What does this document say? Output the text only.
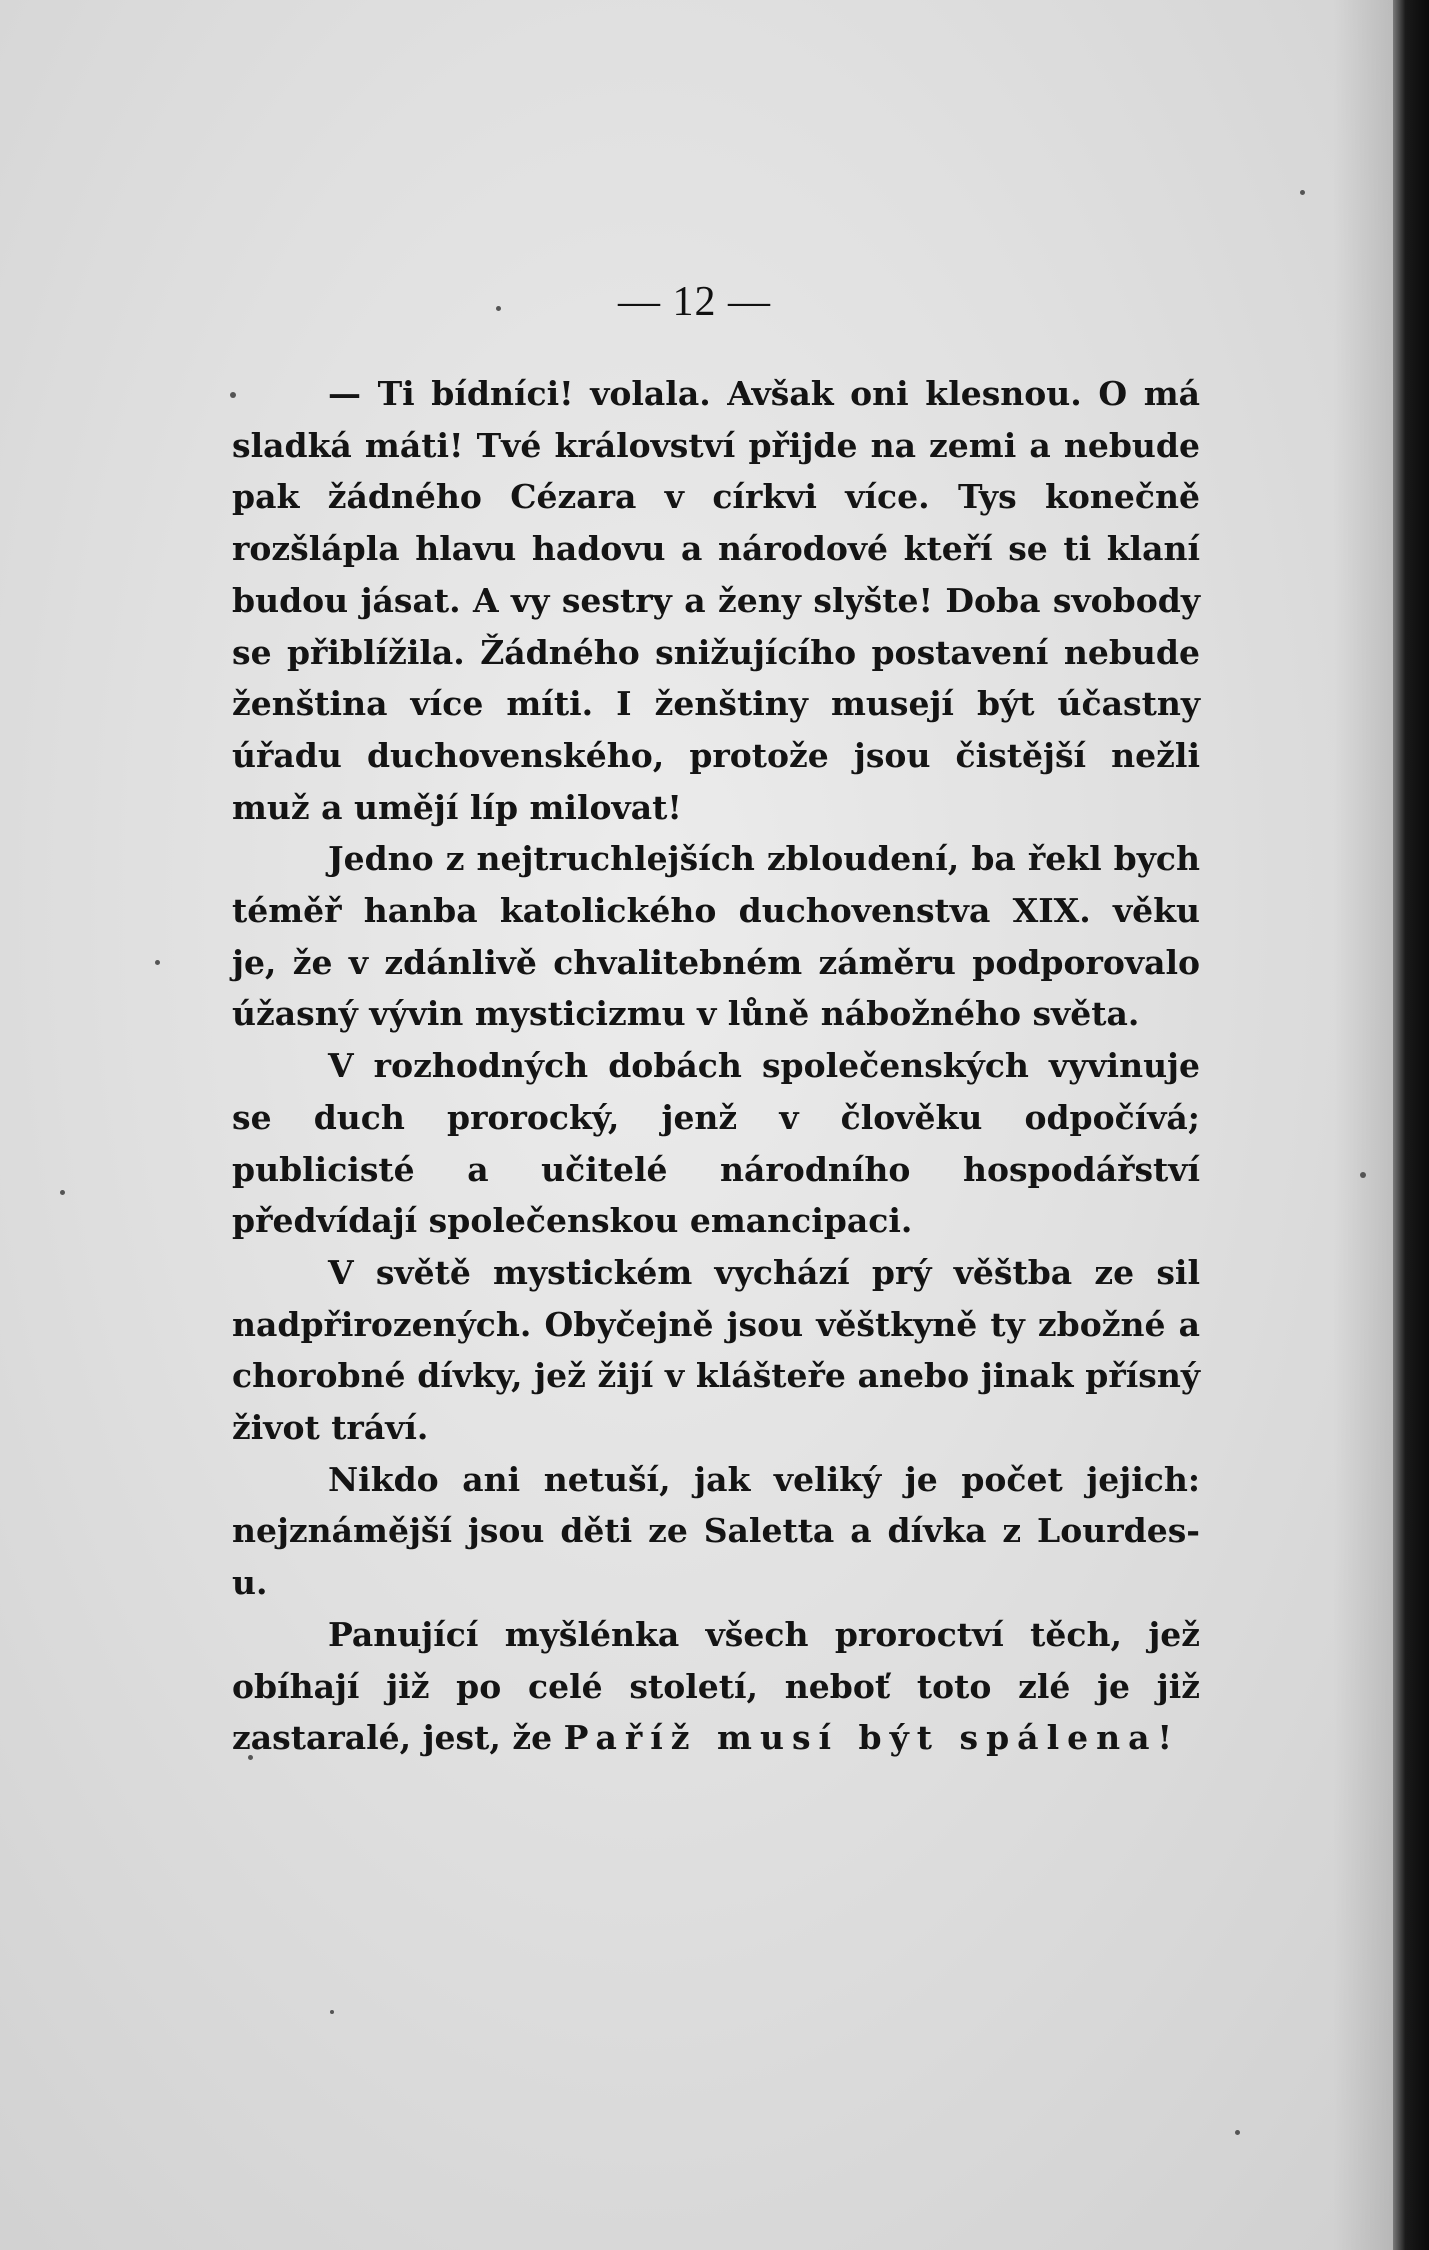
— 12 —

— Ti bídníci! volala. Avšak oni klesnou. O má sladká máti! Tvé království přijde na zemi a nebude pak žádného Cézara v církvi více. Tys konečně rozšlápla hlavu hadovu a národové kteří se ti klaní budou jásat. A vy sestry a ženy slyšte! Doba svobody se přiblížila. Žádného snižujícího postavení nebude ženština více míti. I ženštiny musejí být účastny úřadu duchovenského, protože jsou čistější nežli muž a umějí líp milovat!

Jedno z nejtruchlejších zbloudení, ba řekl bych téměř hanba katolického duchovenstva XIX. věku je, že v zdánlivě chvalitebném záměru podporovalo úžasný vývin mysticizmu v lůně nábožného světa.

V rozhodných dobách společenských vyvinuje se duch prorocký, jenž v člověku odpočívá; publicisté a učitelé národního hospodářství předvídají společenskou emancipaci.

V světě mystickém vychází prý věštba ze sil nadpřirozených. Obyčejně jsou věštkyně ty zbožné a chorobné dívky, jež žijí v klášteře anebo jinak přísný život tráví.

Nikdo ani netuší, jak veliký je počet jejich: nejznámější jsou děti ze Saletta a dívka z Lourdes-u.

Panující myšlénka všech proroctví těch, jež obíhají již po celé století, neboť toto zlé je již zastaralé, jest, že Paříž musí být spálena!
